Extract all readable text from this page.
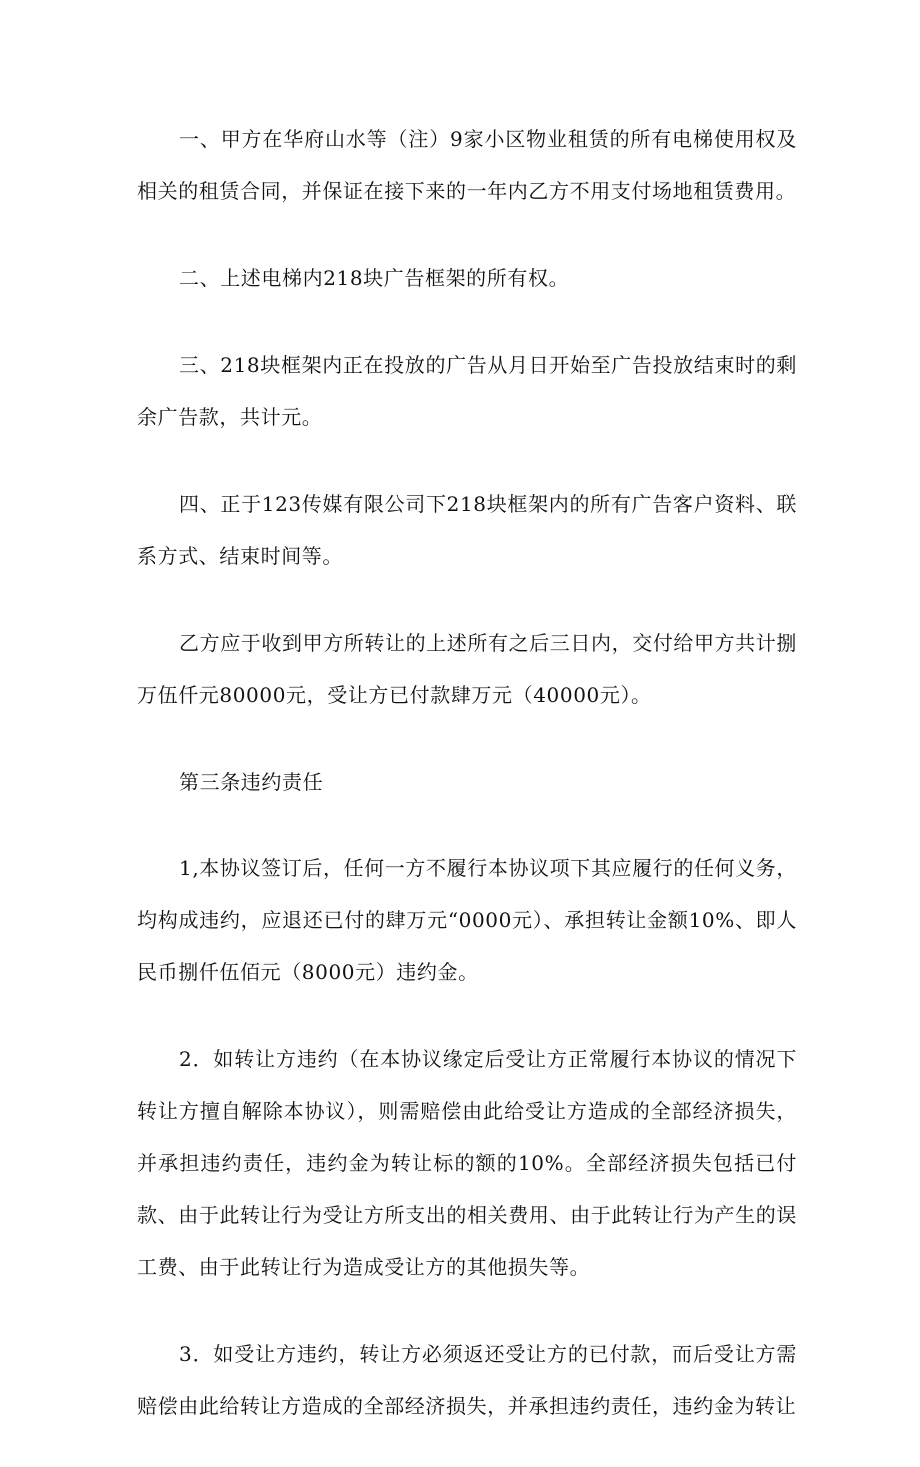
一、甲方在华府山水等（注）9家小区物业租赁的所有电梯使用权及相关的租赁合同，并保证在接下来的一年内乙方不用支付场地租赁费用。

二、上述电梯内218块广告框架的所有权。

三、218块框架内正在投放的广告从月日开始至广告投放结束时的剩余广告款，共计元。

四、正于123传媒有限公司下218块框架内的所有广告客户资料、联系方式、结束时间等。

乙方应于收到甲方所转让的上述所有之后三日内，交付给甲方共计捌万伍仟元80000元，受让方已付款肆万元（40000元）。

第三条违约责任

1,本协议签订后，任何一方不履行本协议项下其应履行的任何义务，均构成违约，应退还已付的肆万元“0000元）、承担转让金额10%、即人民币捌仟伍佰元（8000元）违约金。

2．如转让方违约（在本协议缘定后受让方正常履行本协议的情况下转让方擅自解除本协议），则需赔偿由此给受让方造成的全部经济损失，并承担违约责任，违约金为转让标的额的10%。全部经济损失包括已付款、由于此转让行为受让方所支出的相关费用、由于此转让行为产生的误工费、由于此转让行为造成受让方的其他损失等。

3．如受让方违约，转让方必须返还受让方的已付款，而后受让方需赔偿由此给转让方造成的全部经济损失，并承担违约责任，违约金为转让
